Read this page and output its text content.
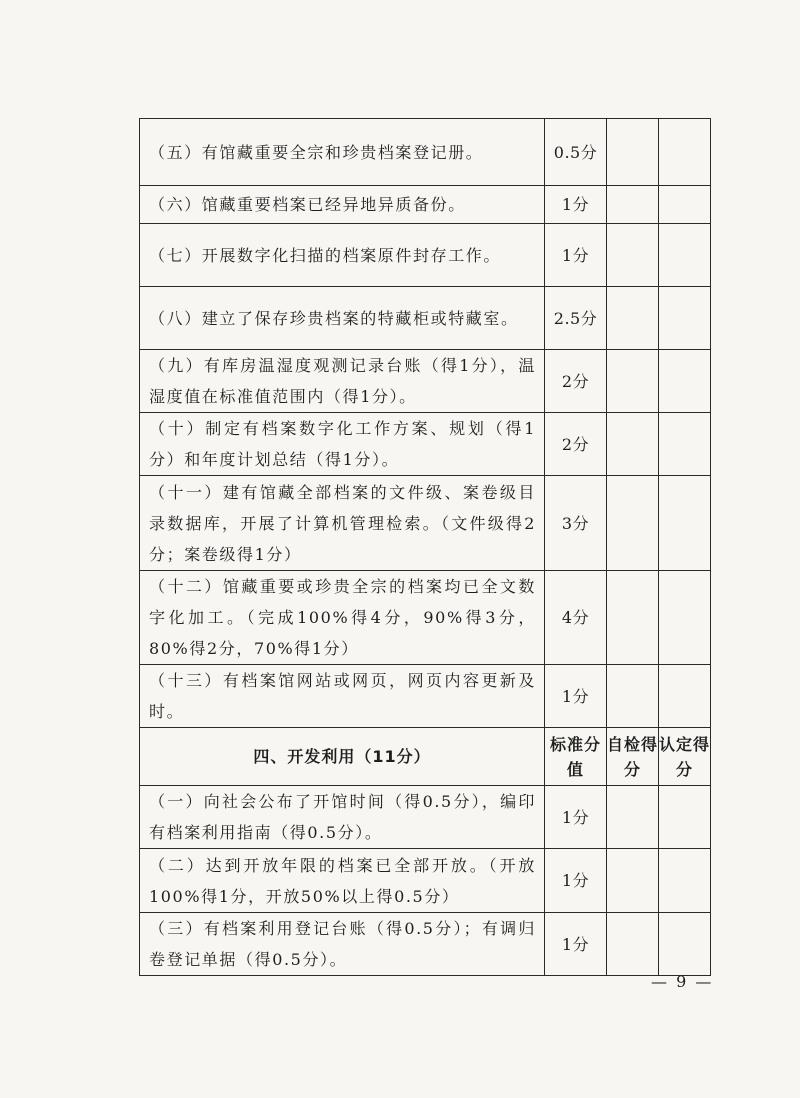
（五）有馆藏重要全宗和珍贵档案登记册。	0.5分		
（六）馆藏重要档案已经异地异质备份。	1分		
（七）开展数字化扫描的档案原件封存工作。	1分		
（八）建立了保存珍贵档案的特藏柜或特藏室。	2.5分		
（九）有库房温湿度观测记录台账（得1分），温湿度值在标准值范围内（得1分）。	2分		
（十）制定有档案数字化工作方案、规划（得1分）和年度计划总结（得1分）。	2分		
（十一）建有馆藏全部档案的文件级、案卷级目录数据库，开展了计算机管理检索。（文件级得2分；案卷级得1分）	3分		
（十二）馆藏重要或珍贵全宗的档案均已全文数字化加工。（完成100%得4分，90%得3分，80%得2分，70%得1分）	4分		
（十三）有档案馆网站或网页，网页内容更新及时。	1分		
四、开发利用（11分）	标准分值	自检得分	认定得分
（一）向社会公布了开馆时间（得0.5分），编印有档案利用指南（得0.5分）。	1分		
（二）达到开放年限的档案已全部开放。（开放100%得1分，开放50%以上得0.5分）	1分		
（三）有档案利用登记台账（得0.5分）；有调归卷登记单据（得0.5分）。	1分		
— 9 —
